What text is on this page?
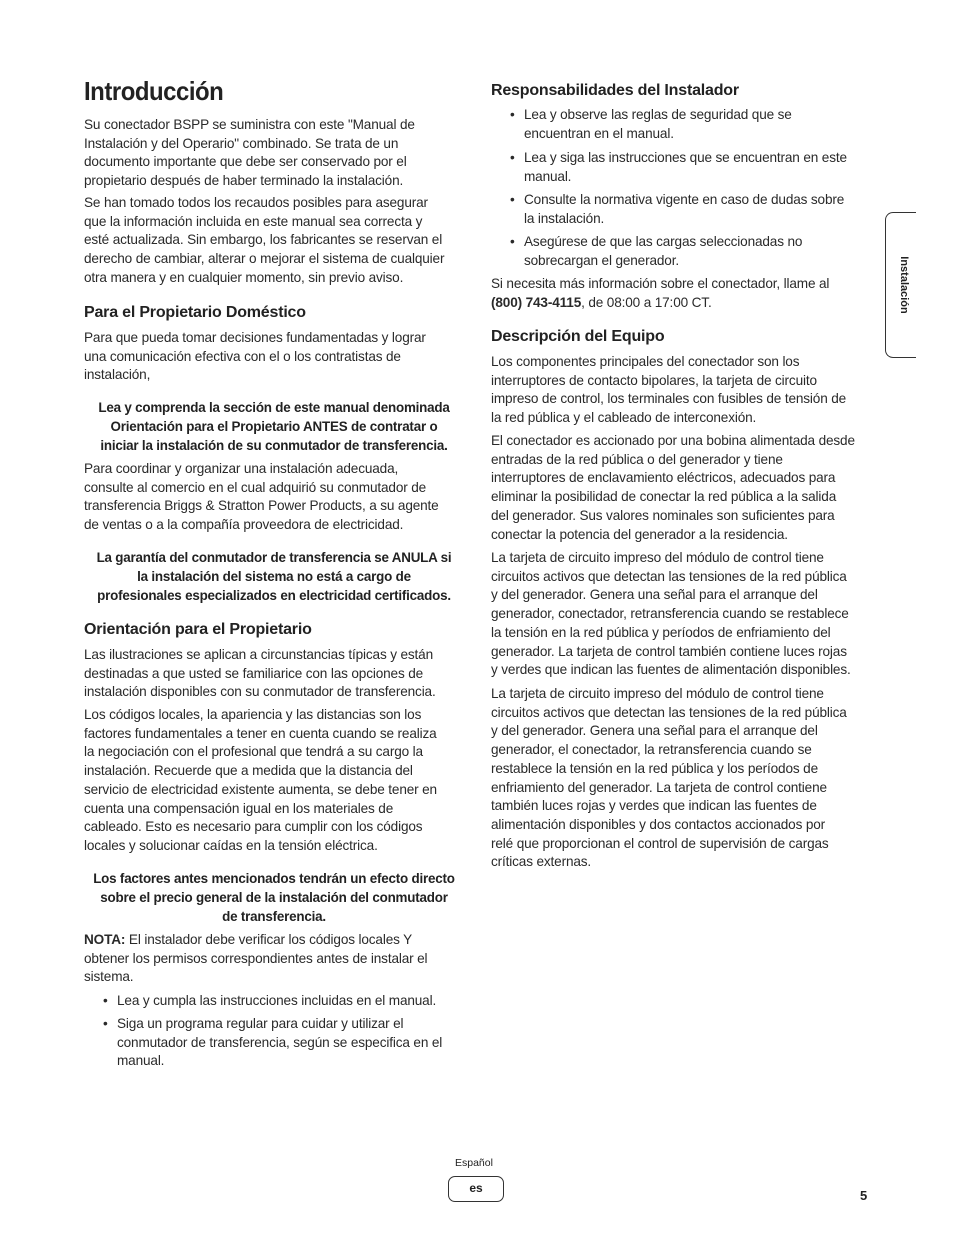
Introducción
Su conectador BSPP se suministra con este "Manual de
Instalación y del Operario" combinado. Se trata de un
documento importante que debe ser conservado por el
propietario después de haber terminado la instalación.
Se han tomado todos los recaudos posibles para asegurar
que la información incluida en este manual sea correcta y
esté actualizada. Sin embargo, los fabricantes se reservan el
derecho de cambiar, alterar o mejorar el sistema de cualquier
otra manera y en cualquier momento, sin previo aviso.
Para el Propietario Doméstico
Para que pueda tomar decisiones fundamentadas y lograr
una comunicación efectiva con el o los contratistas de
instalación,
Lea y comprenda la sección de este manual denominada
Orientación para el Propietario ANTES de contratar o
iniciar la instalación de su conmutador de transferencia.
Para coordinar y organizar una instalación adecuada,
consulte al comercio en el cual adquirió su conmutador de
transferencia Briggs & Stratton Power Products, a su agente
de ventas o a la compañía proveedora de electricidad.
La garantía del conmutador de transferencia se ANULA si
la instalación del sistema no está a cargo de
profesionales especializados en electricidad certificados.
Orientación para el Propietario
Las ilustraciones se aplican a circunstancias típicas y están
destinadas a que usted se familiarice con las opciones de
instalación disponibles con su conmutador de transferencia.
Los códigos locales, la apariencia y las distancias son los
factores fundamentales a tener en cuenta cuando se realiza
la negociación con el profesional que tendrá a su cargo la
instalación. Recuerde que a medida que la distancia del
servicio de electricidad existente aumenta, se debe tener en
cuenta una compensación igual en los materiales de
cableado. Esto es necesario para cumplir con los códigos
locales y solucionar caídas en la tensión eléctrica.
Los factores antes mencionados tendrán un efecto directo
sobre el precio general de la instalación del conmutador
de transferencia.
NOTA: El instalador debe verificar los códigos locales Y
obtener los permisos correspondientes antes de instalar el
sistema.
• Lea y cumpla las instrucciones incluidas en el manual.
• Siga un programa regular para cuidar y utilizar el
conmutador de transferencia, según se especifica en el
manual.
Responsabilidades del Instalador
• Lea y observe las reglas de seguridad que se
encuentran en el manual.
• Lea y siga las instrucciones que se encuentran en este
manual.
• Consulte la normativa vigente en caso de dudas sobre
la instalación.
• Asegúrese de que las cargas seleccionadas no
sobrecargan el generador.
Si necesita más información sobre el conectador, llame al
(800) 743-4115, de 08:00 a 17:00 CT.
Descripción del Equipo
Los componentes principales del conectador son los
interruptores de contacto bipolares, la tarjeta de circuito
impreso de control, los terminales con fusibles de tensión de
la red pública y el cableado de interconexión.
El conectador es accionado por una bobina alimentada desde
entradas de la red pública o del generador y tiene
interruptores de enclavamiento eléctricos, adecuados para
eliminar la posibilidad de conectar la red pública a la salida
del generador. Sus valores nominales son suficientes para
conectar la potencia del generador a la residencia.
La tarjeta de circuito impreso del módulo de control tiene
circuitos activos que detectan las tensiones de la red pública
y del generador. Genera una señal para el arranque del
generador, conectador, retransferencia cuando se restablece
la tensión en la red pública y períodos de enfriamiento del
generador. La tarjeta de control también contiene luces rojas
y verdes que indican las fuentes de alimentación disponibles.
La tarjeta de circuito impreso del módulo de control tiene
circuitos activos que detectan las tensiones de la red pública
y del generador. Genera una señal para el arranque del
generador, el conectador, la retransferencia cuando se
restablece la tensión en la red pública y los períodos de
enfriamiento del generador. La tarjeta de control contiene
también luces rojas y verdes que indican las fuentes de
alimentación disponibles y dos contactos accionados por
relé que proporcionan el control de supervisión de cargas
críticas externas.
Instalación
Español
es	5
